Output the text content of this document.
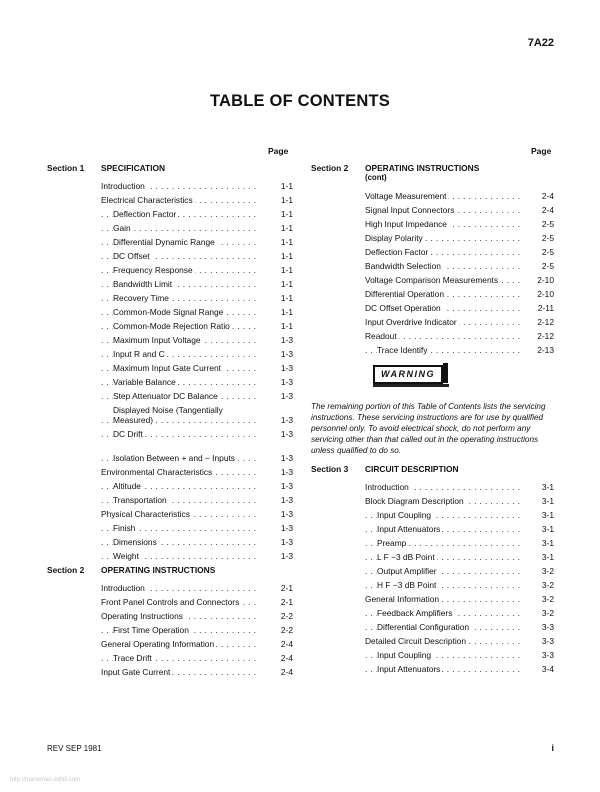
7A22
TABLE OF CONTENTS
Page	Page
Section 1 SPECIFICATION
Introduction . . .	1-1
Electrical Characteristics . . .	1-1
Deflection Factor . . .	1-1
Gain . . .	1-1
Differential Dynamic Range . . .	1-1
DC Offset . . .	1-1
Frequency Response . . .	1-1
Bandwidth Limit . . .	1-1
Recovery Time . . .	1-1
Common-Mode Signal Range . . .	1-1
Common-Mode Rejection Ratio . . .	1-1
Maximum Input Voltage . . .	1-3
Input R and C . . .	1-3
Maximum Input Gate Current . . .	1-3
Variable Balance . . .	1-3
Step Attenuator DC Balance . . .	1-3
Displayed Noise (Tangentially Measured) . . .	1-3
DC Drift . . .	1-3
Isolation Between + and − Inputs . . .	1-3
Environmental Characteristics . . .	1-3
Altitude . . .	1-3
Transportation . . .	1-3
Physical Characteristics . . .	1-3
Finish . . .	1-3
Dimensions . . .	1-3
Weight . . .	1-3
Section 2 OPERATING INSTRUCTIONS
Introduction . . .	2-1
Front Panel Controls and Connectors . . .	2-1
Operating Instructions . . .	2-2
First Time Operation . . .	2-2
General Operating Information . . .	2-4
Trace Drift . . .	2-4
Input Gate Current . . .	2-4
Section 2 OPERATING INSTRUCTIONS
(cont)
Voltage Measurement . . .	2-4
Signal Input Connectors . . .	2-4
High Input Impedance . . .	2-5
Display Polarity . . .	2-5
Deflection Factor . . .	2-5
Bandwidth Selection . . .	2-5
Voltage Comparison Measurements . . .	2-10
Differential Operation . . .	2-10
DC Offset Operation . . .	2-11
Input Overdrive Indicator . . .	2-12
Readout . . .	2-12
Trace Identify . . .	2-13
WARNING

The remaining portion of this Table of Contents lists the servicing instructions. These servicing instructions are for use by qualified personnel only. To avoid electrical shock, do not perform any servicing other than that called out in the operating instructions unless qualified to do so.

Section 3 CIRCUIT DESCRIPTION
Introduction . . .	3-1
Block Diagram Description . . .	3-1
Input Coupling . . .	3-1
Input Attenuators . . .	3-1
Preamp . . .	3-1
L F −3 dB Point . . .	3-1
Output Amplifier . . .	3-2
H F −3 dB Point . . .	3-2
General Information . . .	3-2
Feedback Amplifiers . . .	3-2
Differential Configuration . . .	3-3
Detailed Circuit Description . . .	3-3
Input Coupling . . .	3-3
Input Attenuators . . .	3-4
REV SEP 1981	i
http://manoman.sqhill.com
